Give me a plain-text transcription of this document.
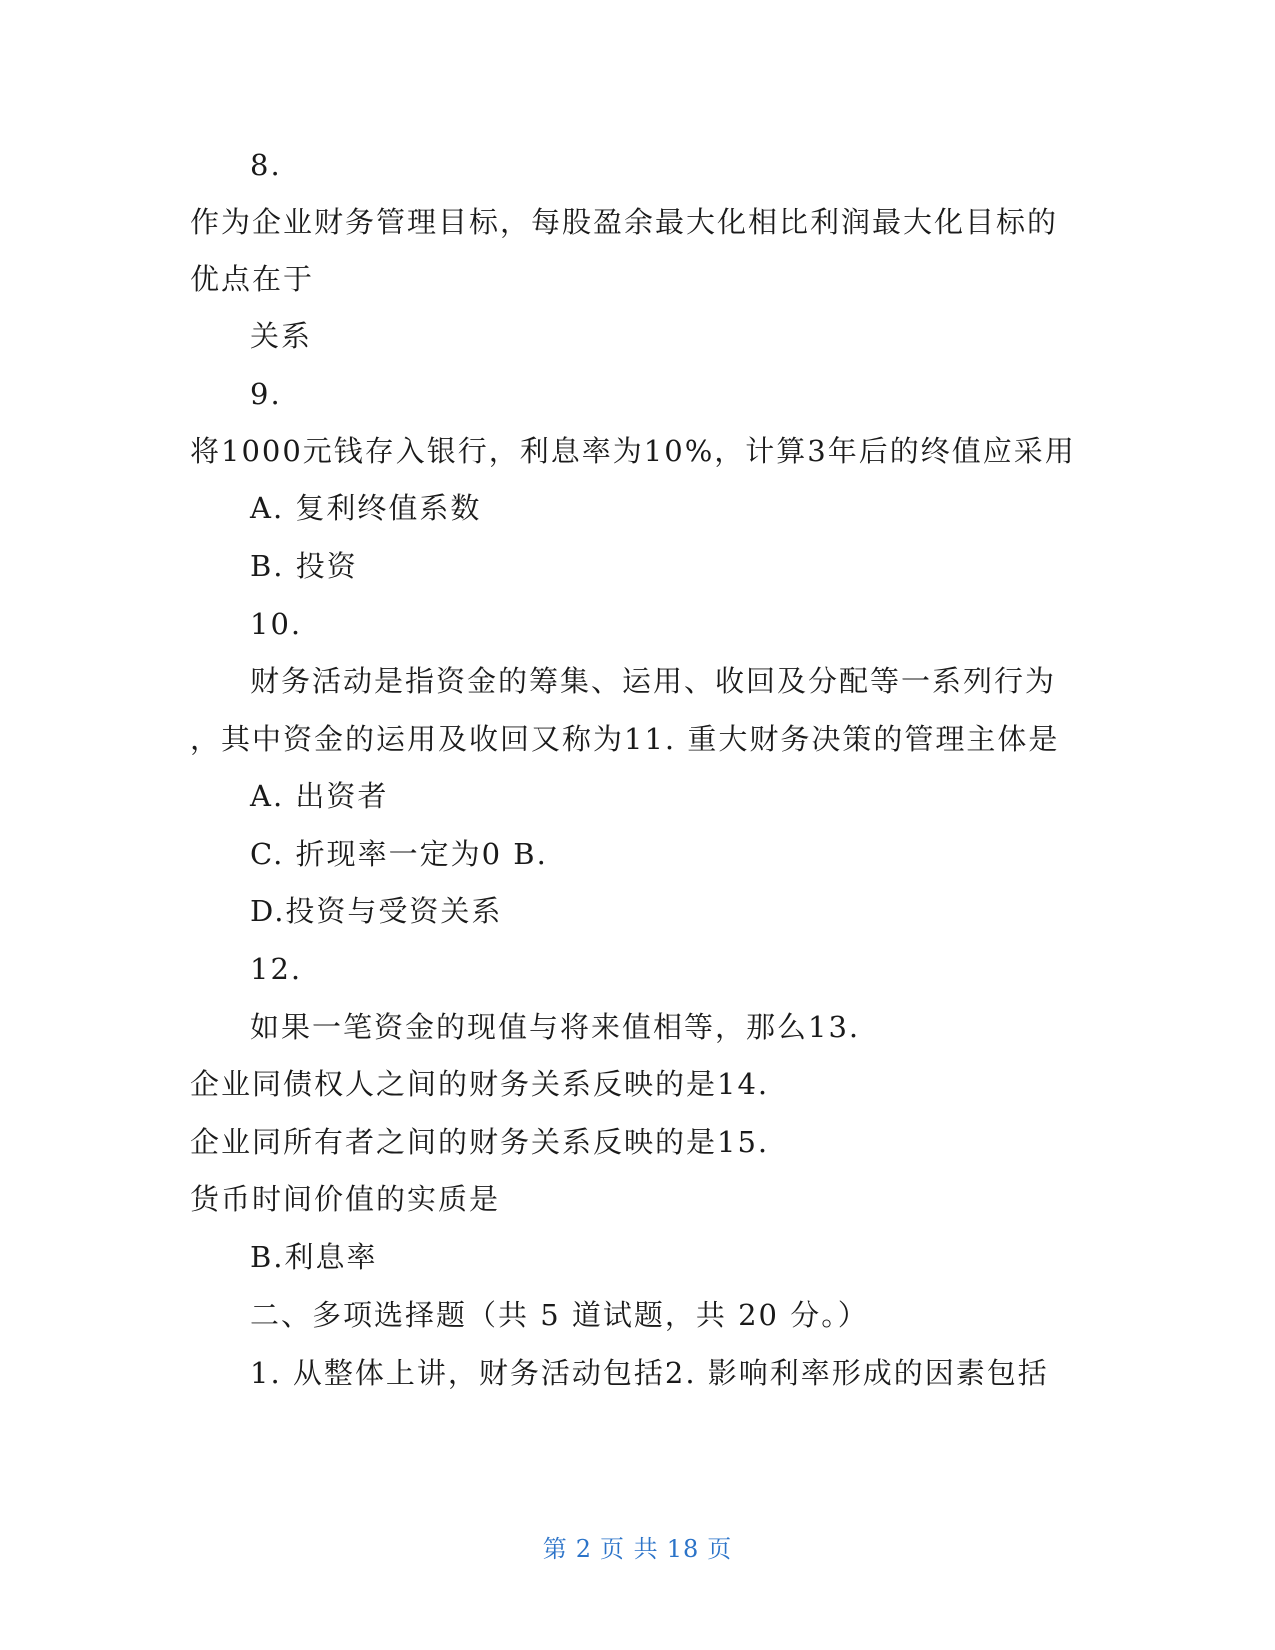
8.
作为企业财务管理目标，每股盈余最大化相比利润最大化目标的
优点在于
关系
9.
将1000元钱存入银行，利息率为10%，计算3年后的终值应采用
A. 复利终值系数
B. 投资
10.
财务活动是指资金的筹集、运用、收回及分配等一系列行为
，其中资金的运用及收回又称为11. 重大财务决策的管理主体是
A. 出资者
C. 折现率一定为0 B.
D.投资与受资关系
12.
如果一笔资金的现值与将来值相等，那么13.
企业同债权人之间的财务关系反映的是14.
企业同所有者之间的财务关系反映的是15.
货币时间价值的实质是
B.利息率
二、多项选择题（共 5 道试题，共 20 分。）
1. 从整体上讲，财务活动包括2. 影响利率形成的因素包括
第 2 页 共 18 页
